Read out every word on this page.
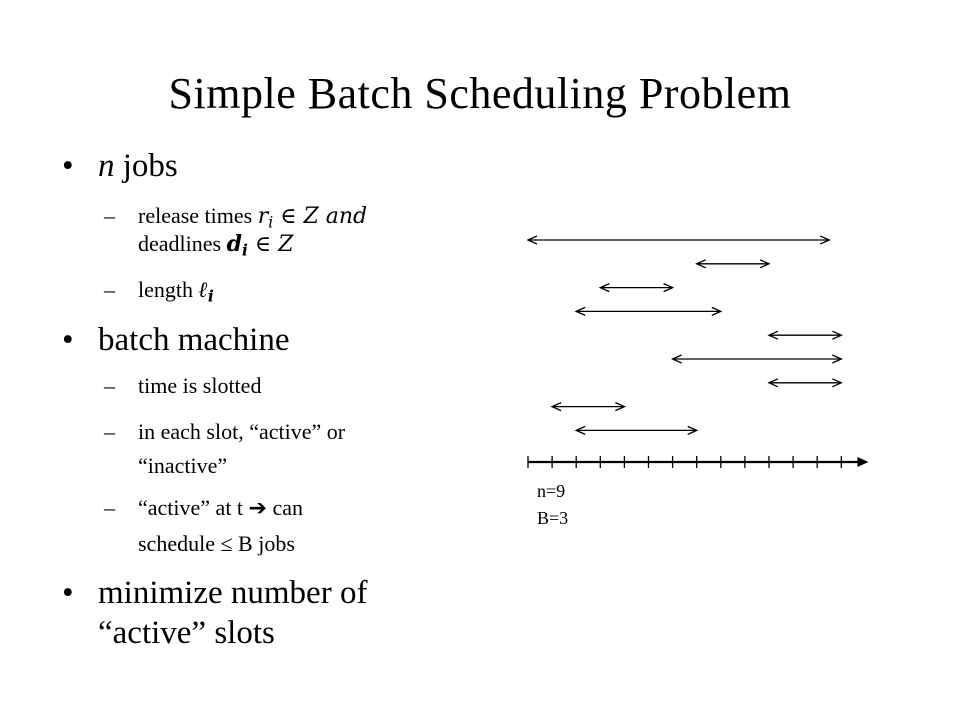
Simple Batch Scheduling Problem
• n jobs
– release times $r_i$ ∈ Z and
deadlines $d_i$ ∈ Z
– length ℓ$_i$
• batch machine
– time is slotted
– in each slot, “active” or
“inactive”
– “active” at t ➔ can
schedule ≤ B jobs
• minimize number of
“active” slots
n=9
B=3
